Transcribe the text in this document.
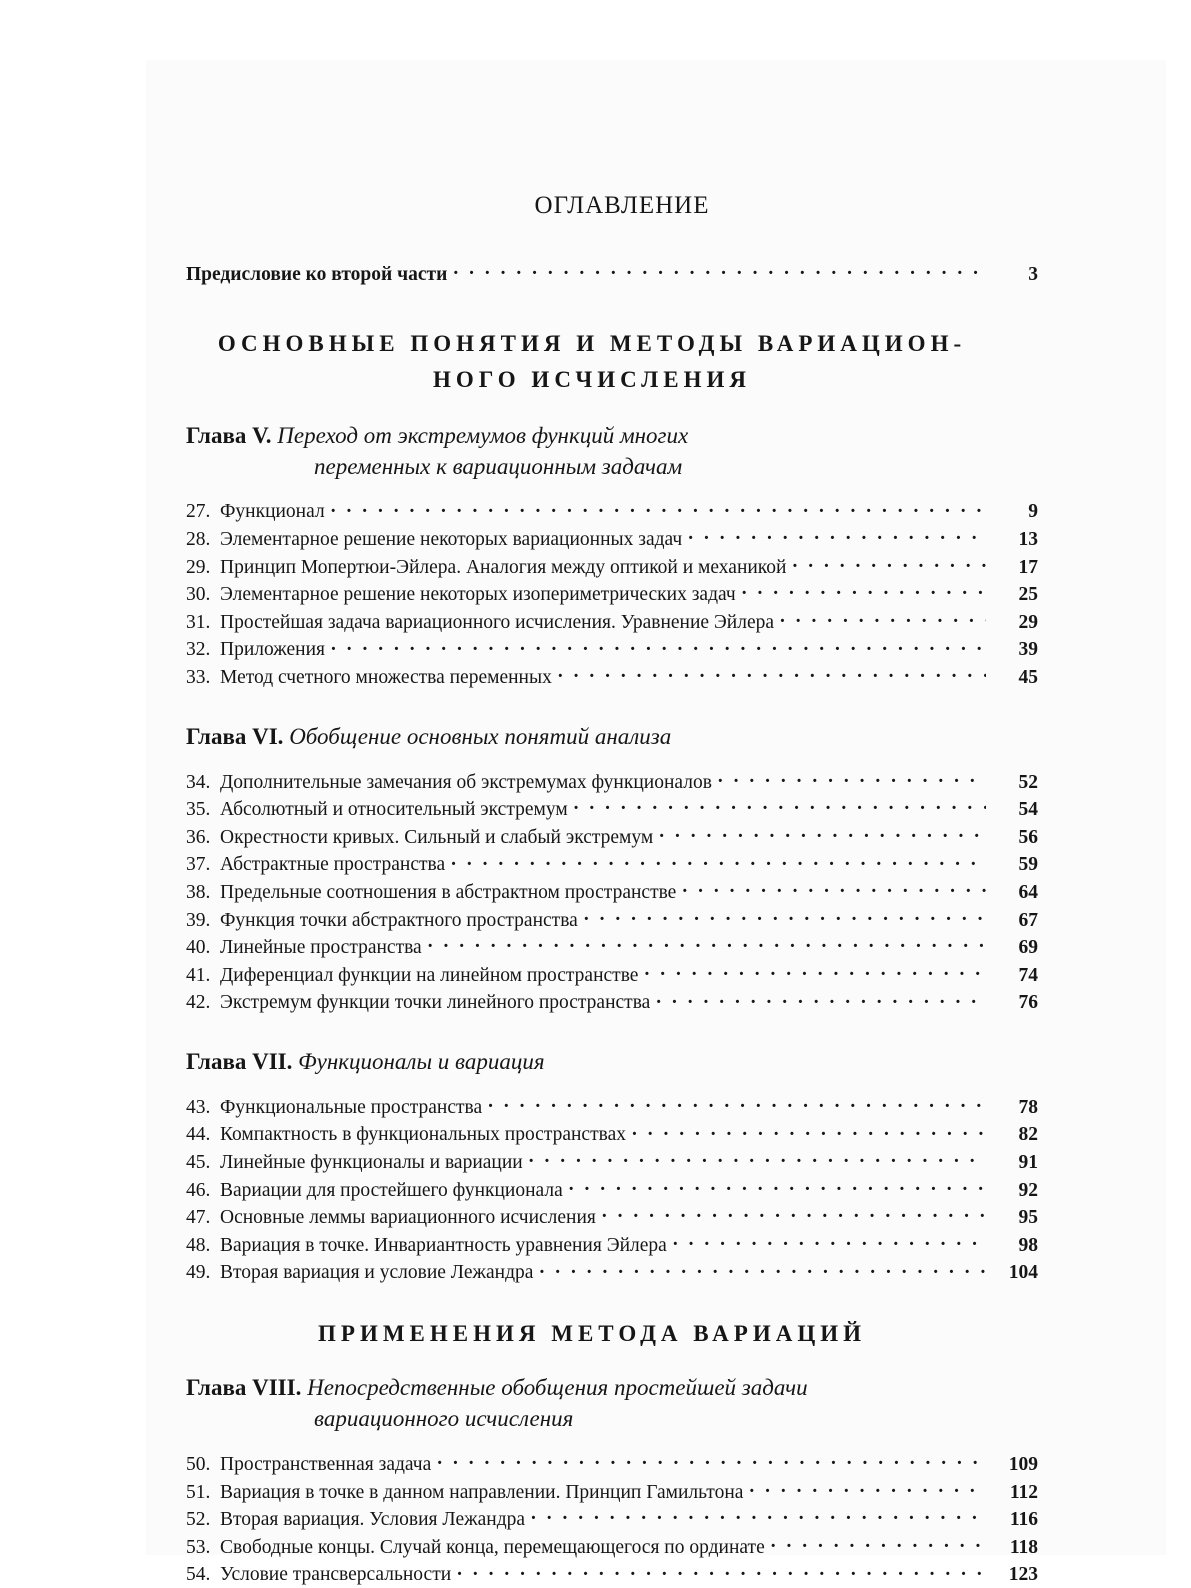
ОГЛАВЛЕНИЕ
Предисловие ко второй части . . .	3
ОСНОВНЫЕ ПОНЯТИЯ И МЕТОДЫ ВАРИАЦИОН-
НОГО ИСЧИСЛЕНИЯ
Глава V. Переход от экстремумов функций многих
переменных к вариационным задачам
27. Функционал . . .	9
28. Элементарное решение некоторых вариационных задач . . .	13
29. Принцип Мопертюи-Эйлера. Аналогия между оптикой и механикой . . .	17
30. Элементарное решение некоторых изопериметрических задач . . .	25
31. Простейшая задача вариационного исчисления. Уравнение Эйлера . . .	29
32. Приложения . . .	39
33. Метод счетного множества переменных . . .	45
Глава VI. Обобщение основных понятий анализа
34. Дополнительные замечания об экстремумах функционалов . . .	52
35. Абсолютный и относительный экстремум . . .	54
36. Окрестности кривых. Сильный и слабый экстремум . . .	56
37. Абстрактные пространства . . .	59
38. Предельные соотношения в абстрактном пространстве . . .	64
39. Функция точки абстрактного пространства . . .	67
40. Линейные пространства . . .	69
41. Диференциал функции на линейном пространстве . . .	74
42. Экстремум функции точки линейного пространства . . .	76
Глава VII. Функционалы и вариация
43. Функциональные пространства . . .	78
44. Компактность в функциональных пространствах . . .	82
45. Линейные функционалы и вариации . . .	91
46. Вариации для простейшего функционала . . .	92
47. Основные леммы вариационного исчисления . . .	95
48. Вариация в точке. Инвариантность уравнения Эйлера . . .	98
49. Вторая вариация и условие Лежандра . . .	104
ПРИМЕНЕНИЯ МЕТОДА ВАРИАЦИЙ
Глава VIII. Непосредственные обобщения простейшей задачи
вариационного исчисления
50. Пространственная задача . . .	109
51. Вариация в точке в данном направлении. Принцип Гамильтона . . .	112
52. Вторая вариация. Условия Лежандра . . .	116
53. Свободные концы. Случай конца, перемещающегося по ординате . . .	118
54. Условие трансверсальности . . .	123
